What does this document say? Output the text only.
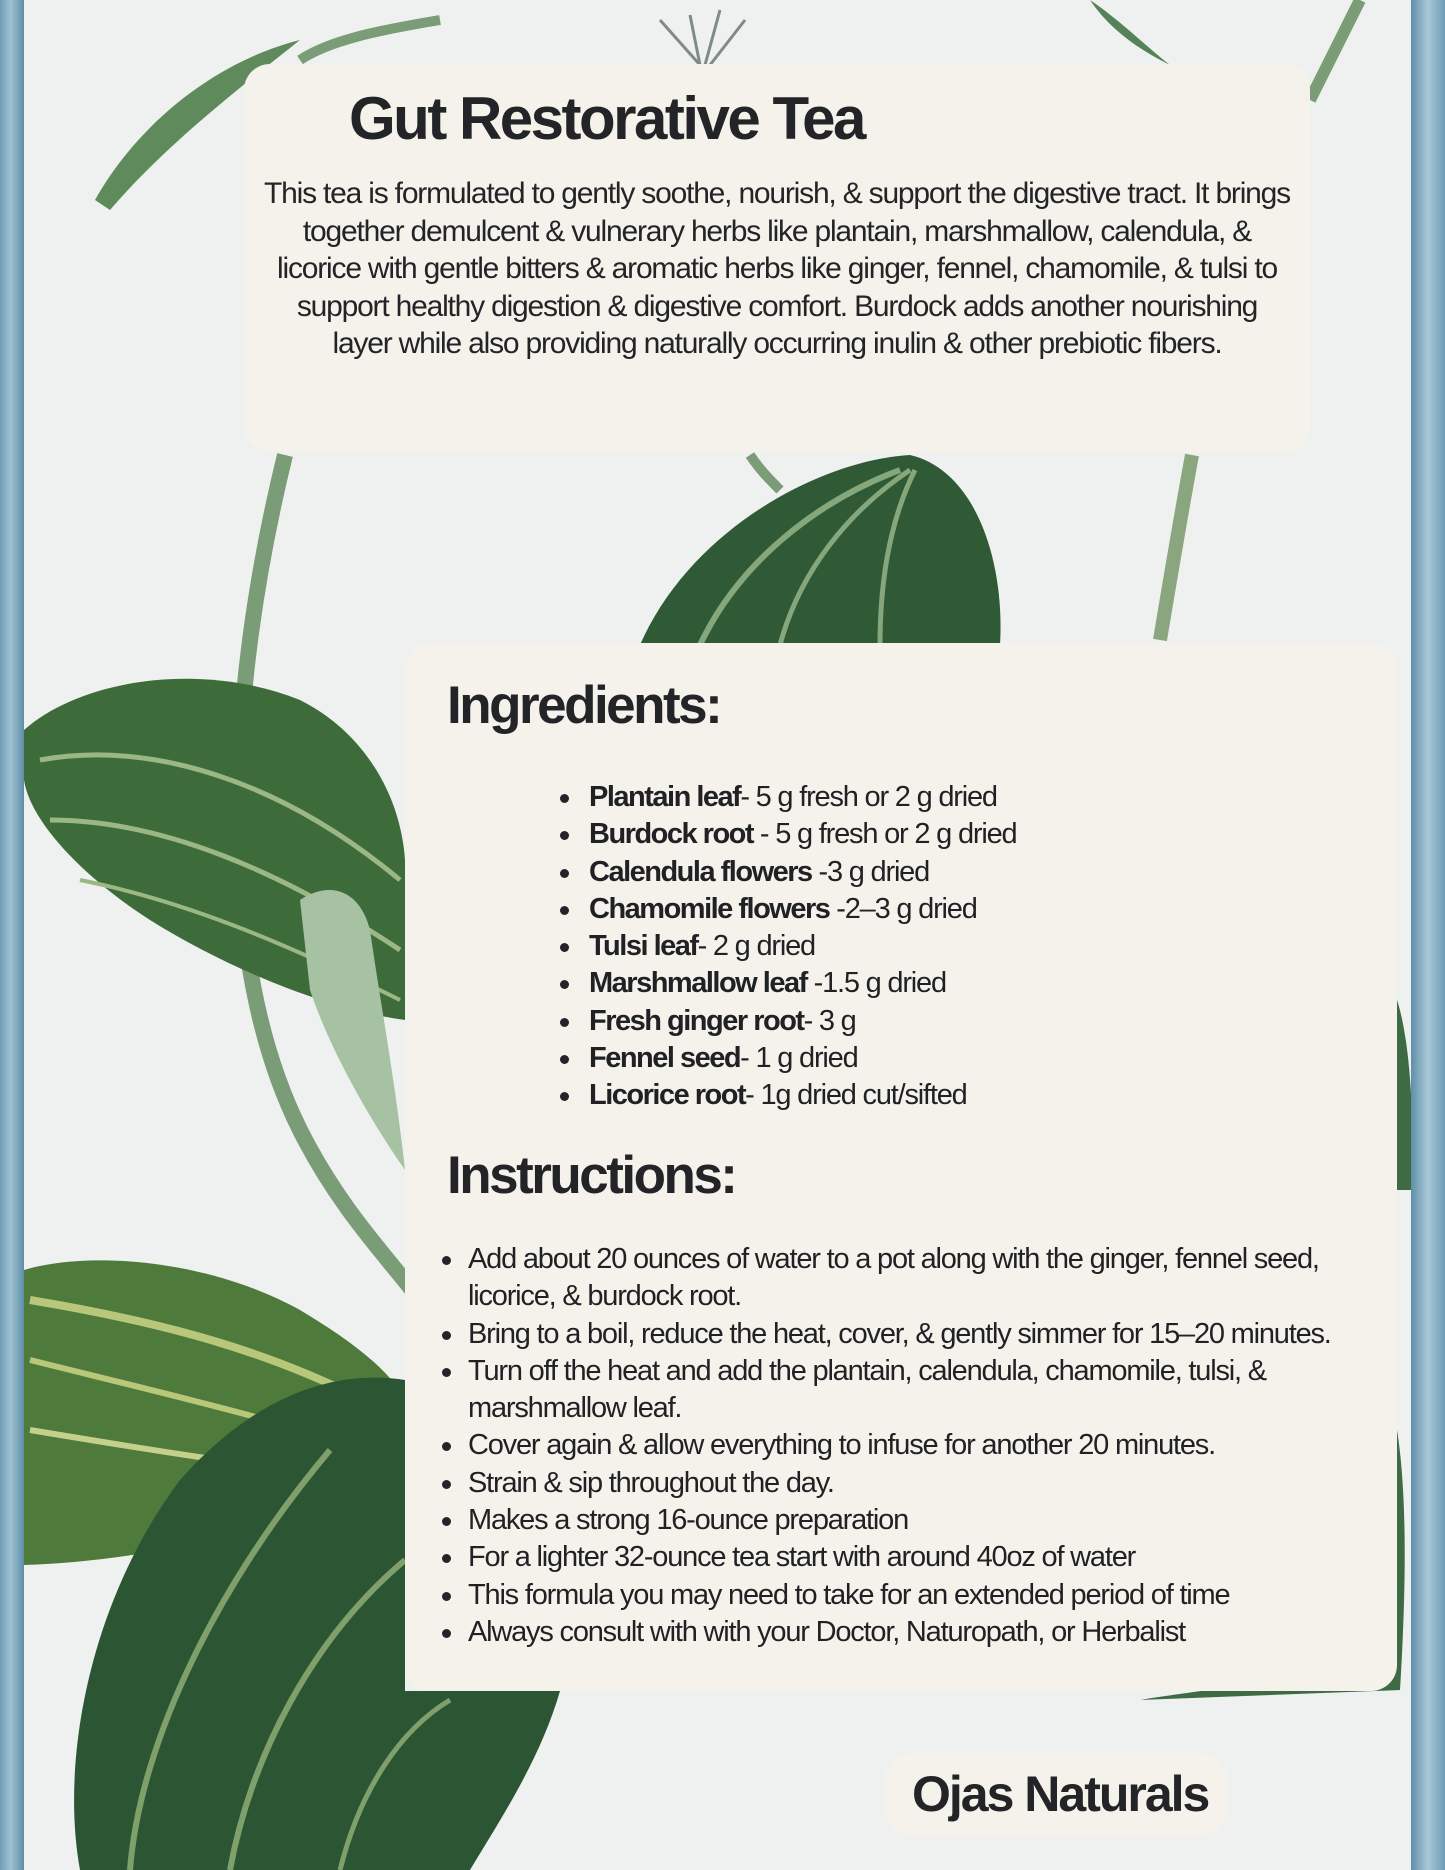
Gut Restorative Tea

This tea is formulated to gently soothe, nourish, & support the digestive tract. It brings together demulcent & vulnerary herbs like plantain, marshmallow, calendula, & licorice with gentle bitters & aromatic herbs like ginger, fennel, chamomile, & tulsi to support healthy digestion & digestive comfort. Burdock adds another nourishing layer while also providing naturally occurring inulin & other prebiotic fibers.

Ingredients:
Plantain leaf- 5 g fresh or 2 g dried
Burdock root - 5 g fresh or 2 g dried
Calendula flowers -3 g dried
Chamomile flowers -2–3 g dried
Tulsi leaf- 2 g dried
Marshmallow leaf -1.5 g dried
Fresh ginger root- 3 g
Fennel seed- 1 g dried
Licorice root- 1g dried cut/sifted
Instructions:
Add about 20 ounces of water to a pot along with the ginger, fennel seed, licorice, & burdock root.
Bring to a boil, reduce the heat, cover, & gently simmer for 15–20 minutes.
Turn off the heat and add the plantain, calendula, chamomile, tulsi, & marshmallow leaf.
Cover again & allow everything to infuse for another 20 minutes.
Strain & sip throughout the day.
Makes a strong 16-ounce preparation
For a lighter 32-ounce tea start with around 40oz of water
This formula you may need to take for an extended period of time
Always consult with with your Doctor, Naturopath, or Herbalist

Ojas Naturals
